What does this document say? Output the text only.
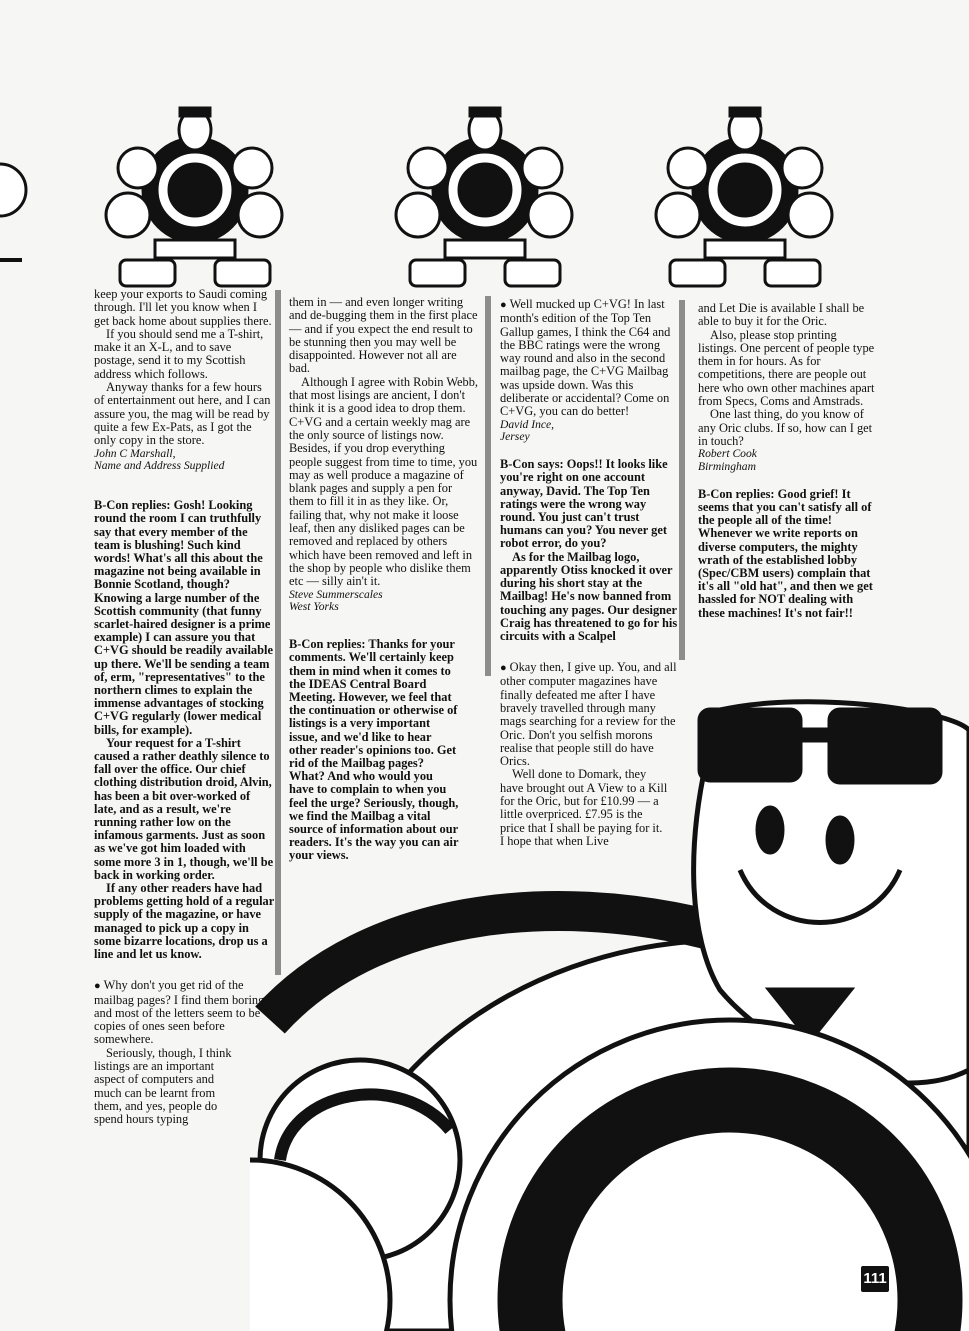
keep your exports to Saudi coming through. I'll let you know when I get back home about supplies there.

If you should send me a T-shirt, make it an X-L, and to save postage, send it to my Scottish address which follows.

Anyway thanks for a few hours of entertainment out here, and I can assure you, the mag will be read by quite a few Ex-Pats, as I got the only copy in the store.

John C Marshall,

Name and Address Supplied

B-Con replies: Gosh! Looking round the room I can truthfully say that every member of the team is blushing! Such kind words! What's all this about the magazine not being available in Bonnie Scotland, though? Knowing a large number of the Scottish community (that funny scarlet-haired designer is a prime example) I can assure you that C+VG should be readily available up there. We'll be sending a team of, erm, "representatives" to the northern climes to explain the immense advantages of stocking C+VG regularly (lower medical bills, for example).

Your request for a T-shirt caused a rather deathly silence to fall over the office. Our chief clothing distribution droid, Alvin, has been a bit over-worked of late, and as a result, we're running rather low on the infamous garments. Just as soon as we've got him loaded with some more 3 in 1, though, we'll be back in working order.

If any other readers have had problems getting hold of a regular supply of the magazine, or have managed to pick up a copy in some bizarre locations, drop us a line and let us know.

● Why don't you get rid of the mailbag pages? I find them boring and most of the letters seem to be copies of ones seen before somewhere.

Seriously, though, I think listings are an important aspect of computers and much can be learnt from them, and yes, people do spend hours typing

them in — and even longer writing and de-bugging them in the first place — and if you expect the end result to be stunning then you may well be disappointed. However not all are bad.

Although I agree with Robin Webb, that most lisings are ancient, I don't think it is a good idea to drop them. C+VG and a certain weekly mag are the only source of listings now. Besides, if you drop everything people suggest from time to time, you may as well produce a magazine of blank pages and supply a pen for them to fill it in as they like. Or, failing that, why not make it loose leaf, then any disliked pages can be removed and replaced by others which have been removed and left in the shop by people who dislike them etc — silly ain't it.

Steve Summerscales

West Yorks

B-Con replies: Thanks for your comments. We'll certainly keep them in mind when it comes to the IDEAS Central Board Meeting. However, we feel that the continuation or otherwise of listings is a very important issue, and we'd like to hear other reader's opinions too. Get rid of the Mailbag pages? What? And who would you have to complain to when you feel the urge? Seriously, though, we find the Mailbag a vital source of information about our readers. It's the way you can air your views.

● Well mucked up C+VG! In last month's edition of the Top Ten Gallup games, I think the C64 and the BBC ratings were the wrong way round and also in the second mailbag page, the C+VG Mailbag was upside down. Was this deliberate or accidental? Come on C+VG, you can do better!

David Ince,

Jersey

B-Con says: Oops!! It looks like you're right on one account anyway, David. The Top Ten ratings were the wrong way round. You just can't trust humans can you? You never get robot error, do you?

As for the Mailbag logo, apparently Otiss knocked it over during his short stay at the Mailbag! He's now banned from touching any pages. Our designer Craig has threatened to go for his circuits with a Scalpel

● Okay then, I give up. You, and all other computer magazines have finally defeated me after I have bravely travelled through many mags searching for a review for the Oric. Don't you selfish morons realise that people still do have Orics.

Well done to Domark, they have brought out A View to a Kill for the Oric, but for £10.99 — a little overpriced. £7.95 is the price that I shall be paying for it. I hope that when Live

and Let Die is available I shall be able to buy it for the Oric.

Also, please stop printing listings. One percent of people type them in for hours. As for competitions, there are people out here who own other machines apart from Specs, Coms and Amstrads.

One last thing, do you know of any Oric clubs. If so, how can I get in touch?

Robert Cook

Birmingham

B-Con replies: Good grief! It seems that you can't satisfy all of the people all of the time! Whenever we write reports on diverse computers, the mighty wrath of the established lobby (Spec/CBM users) complain that it's all "old hat", and then we get hassled for NOT dealing with these machines! It's not fair!!

111
